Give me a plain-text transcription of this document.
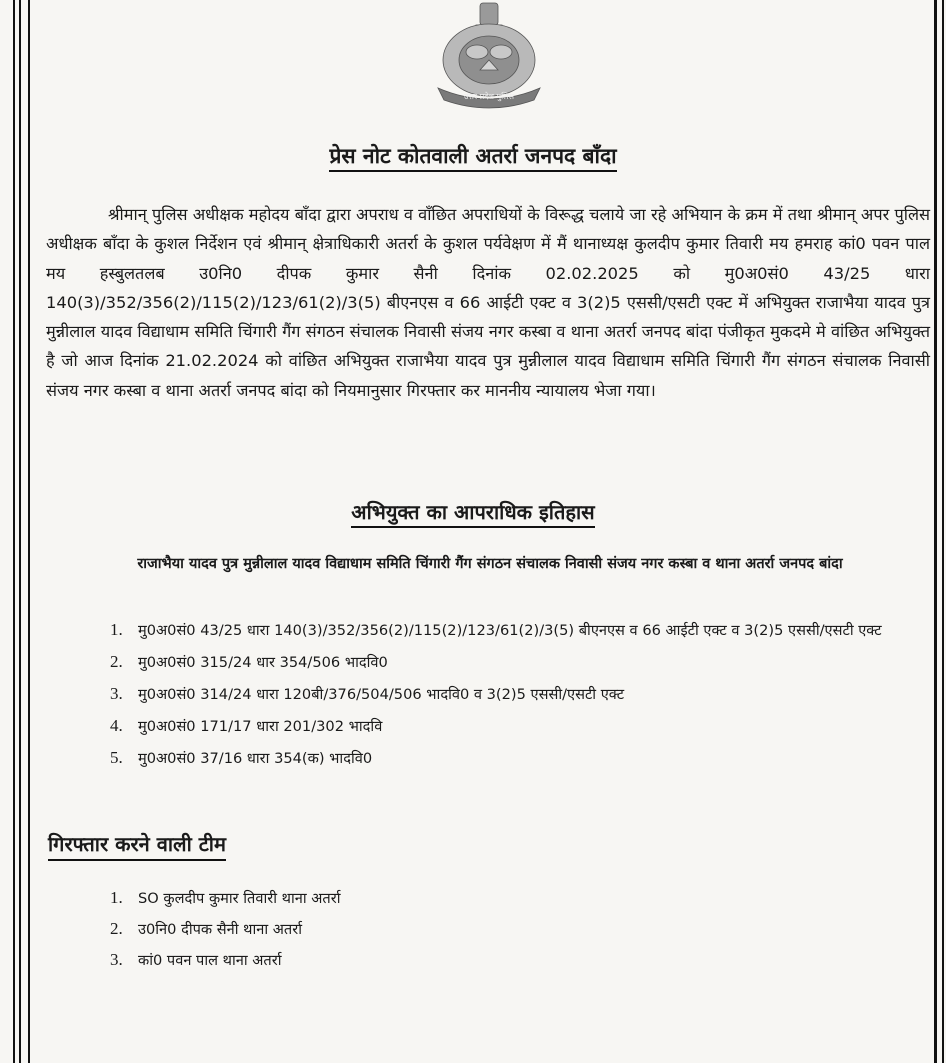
उत्तर प्रदेश पुलिस
प्रेस नोट कोतवाली अतर्रा जनपद बाँदा
श्रीमान् पुलिस अधीक्षक महोदय बाँदा द्वारा अपराध व वाँछित अपराधियों के विरूद्ध चलाये जा रहे अभियान के क्रम में तथा श्रीमान् अपर पुलिस अधीक्षक बाँदा के कुशल निर्देशन एवं श्रीमान् क्षेत्राधिकारी अतर्रा के कुशल पर्यवेक्षण में मैं थानाध्यक्ष कुलदीप कुमार तिवारी मय हमराह कां0 पवन पाल मय हस्बुलतलब उ0नि0 दीपक कुमार सैनी दिनांक 02.02.2025 को मु0अ0सं0 43/25 धारा 140(3)/352/356(2)/115(2)/123/61(2)/3(5) बीएनएस व 66 आईटी एक्ट व 3(2)5 एससी/एसटी एक्ट में अभियुक्त राजाभैया यादव पुत्र मुन्नीलाल यादव विद्याधाम समिति चिंगारी गैंग संगठन संचालक निवासी संजय नगर कस्बा व थाना अतर्रा जनपद बांदा पंजीकृत मुकदमे मे वांछित अभियुक्त है जो आज दिनांक 21.02.2024 को वांछित अभियुक्त राजाभैया यादव पुत्र मुन्नीलाल यादव विद्याधाम समिति चिंगारी गैंग संगठन संचालक निवासी संजय नगर कस्बा व थाना अतर्रा जनपद बांदा को नियमानुसार गिरफ्तार कर माननीय न्यायालय भेजा गया।
अभियुक्त का आपराधिक इतिहास
राजाभैया यादव पुत्र मुन्नीलाल यादव विद्याधाम समिति चिंगारी गैंग संगठन संचालक निवासी संजय नगर कस्बा व थाना अतर्रा जनपद बांदा
1. मु0अ0सं0 43/25 धारा 140(3)/352/356(2)/115(2)/123/61(2)/3(5) बीएनएस व 66 आईटी एक्ट व 3(2)5 एससी/एसटी एक्ट
2. मु0अ0सं0 315/24 धार 354/506 भादवि0
3. मु0अ0सं0 314/24 धारा 120बी/376/504/506 भादवि0 व 3(2)5 एससी/एसटी एक्ट
4. मु0अ0सं0 171/17 धारा 201/302 भादवि
5. मु0अ0सं0 37/16 धारा 354(क) भादवि0
गिरफ्तार करने वाली टीम
1. SO कुलदीप कुमार तिवारी थाना अतर्रा
2. उ0नि0 दीपक सैनी थाना अतर्रा
3. कां0 पवन पाल थाना अतर्रा
